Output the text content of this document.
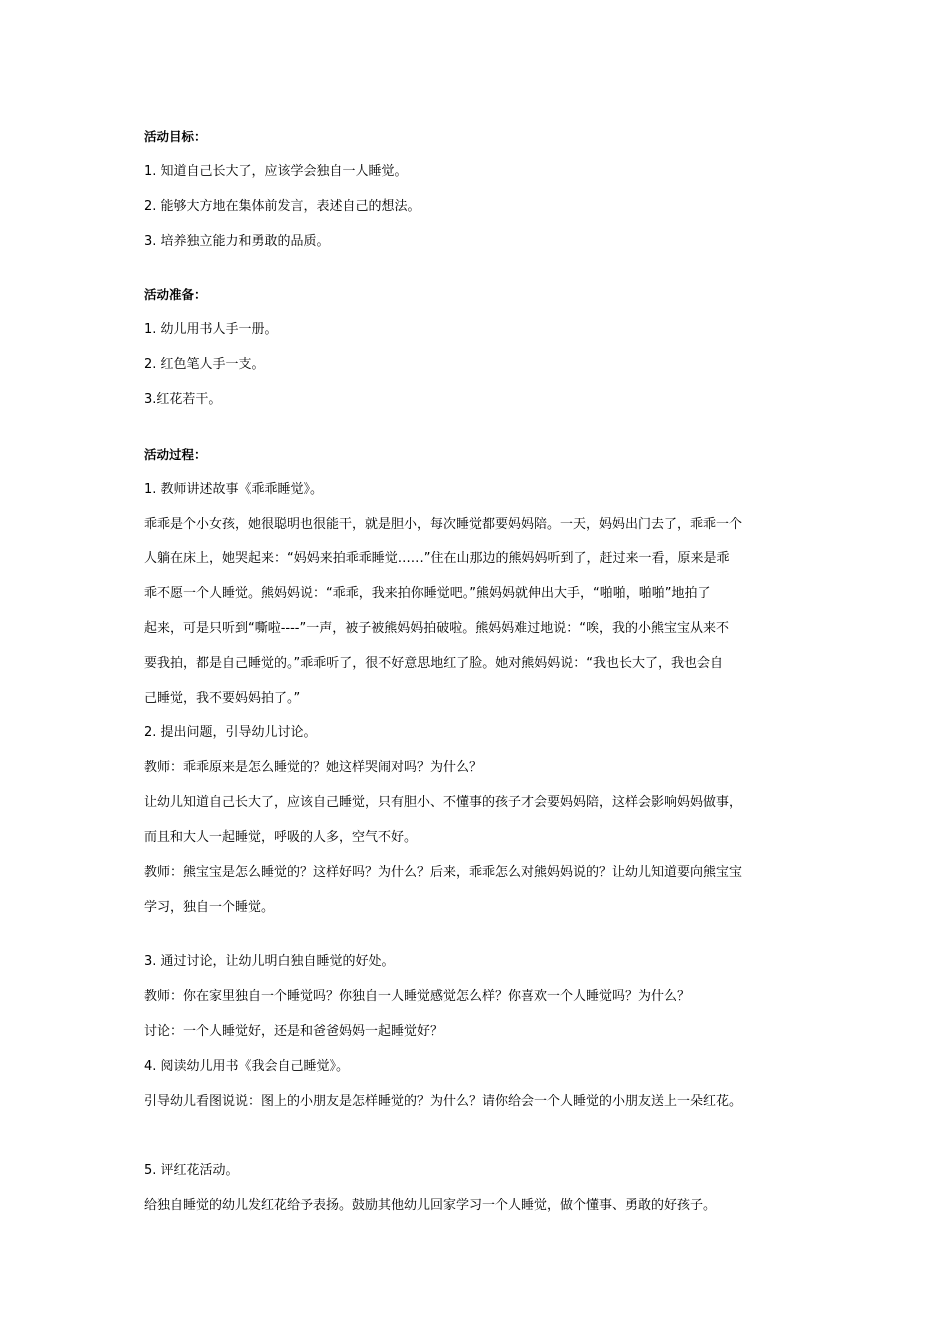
活动目标：
1. 知道自己长大了，应该学会独自一人睡觉。
2. 能够大方地在集体前发言，表述自己的想法。
3. 培养独立能力和勇敢的品质。
活动准备：
1. 幼儿用书人手一册。
2. 红色笔人手一支。
3.红花若干。
活动过程：
1. 教师讲述故事《乖乖睡觉》。
乖乖是个小女孩，她很聪明也很能干，就是胆小，每次睡觉都要妈妈陪。一天，妈妈出门去了，乖乖一个
人躺在床上，她哭起来：“妈妈来拍乖乖睡觉……”住在山那边的熊妈妈听到了，赶过来一看，原来是乖
乖不愿一个人睡觉。熊妈妈说：“乖乖，我来拍你睡觉吧。”熊妈妈就伸出大手，“啪啪，啪啪”地拍了
起来，可是只听到“嘶啦----”一声，被子被熊妈妈拍破啦。熊妈妈难过地说：“唉，我的小熊宝宝从来不
要我拍，都是自己睡觉的。”乖乖听了，很不好意思地红了脸。她对熊妈妈说：“我也长大了，我也会自
己睡觉，我不要妈妈拍了。”
2. 提出问题，引导幼儿讨论。
教师：乖乖原来是怎么睡觉的？她这样哭闹对吗？为什么？
让幼儿知道自己长大了，应该自己睡觉，只有胆小、不懂事的孩子才会要妈妈陪，这样会影响妈妈做事，
而且和大人一起睡觉，呼吸的人多，空气不好。
教师：熊宝宝是怎么睡觉的？这样好吗？为什么？后来，乖乖怎么对熊妈妈说的？让幼儿知道要向熊宝宝
学习，独自一个睡觉。
3. 通过讨论，让幼儿明白独自睡觉的好处。
教师：你在家里独自一个睡觉吗？你独自一人睡觉感觉怎么样？你喜欢一个人睡觉吗？为什么？
讨论：一个人睡觉好，还是和爸爸妈妈一起睡觉好？
4. 阅读幼儿用书《我会自己睡觉》。
引导幼儿看图说说：图上的小朋友是怎样睡觉的？为什么？请你给会一个人睡觉的小朋友送上一朵红花。
5. 评红花活动。
给独自睡觉的幼儿发红花给予表扬。鼓励其他幼儿回家学习一个人睡觉，做个懂事、勇敢的好孩子。
